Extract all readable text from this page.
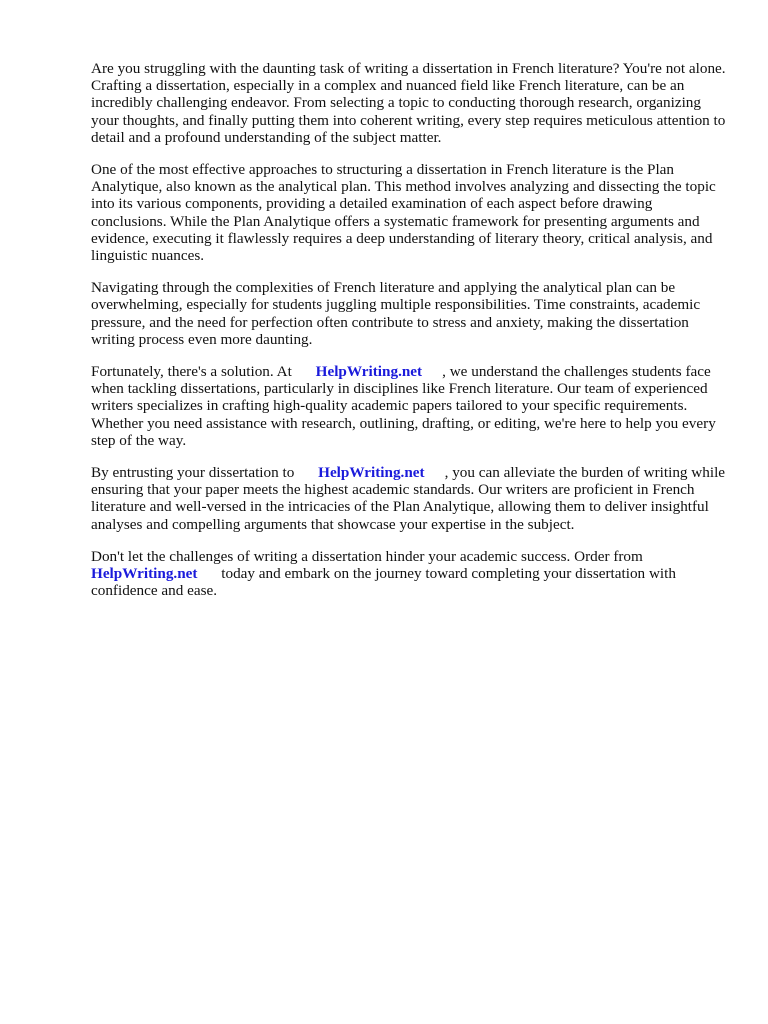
Are you struggling with the daunting task of writing a dissertation in French literature? You're not alone. Crafting a dissertation, especially in a complex and nuanced field like French literature, can be an incredibly challenging endeavor. From selecting a topic to conducting thorough research, organizing your thoughts, and finally putting them into coherent writing, every step requires meticulous attention to detail and a profound understanding of the subject matter.

One of the most effective approaches to structuring a dissertation in French literature is the Plan Analytique, also known as the analytical plan. This method involves analyzing and dissecting the topic into its various components, providing a detailed examination of each aspect before drawing conclusions. While the Plan Analytique offers a systematic framework for presenting arguments and evidence, executing it flawlessly requires a deep understanding of literary theory, critical analysis, and linguistic nuances.

Navigating through the complexities of French literature and applying the analytical plan can be overwhelming, especially for students juggling multiple responsibilities. Time constraints, academic pressure, and the need for perfection often contribute to stress and anxiety, making the dissertation writing process even more daunting.

Fortunately, there's a solution. At HelpWriting.net , we understand the challenges students face when tackling dissertations, particularly in disciplines like French literature. Our team of experienced writers specializes in crafting high-quality academic papers tailored to your specific requirements. Whether you need assistance with research, outlining, drafting, or editing, we're here to help you every step of the way.

By entrusting your dissertation to HelpWriting.net , you can alleviate the burden of writing while ensuring that your paper meets the highest academic standards. Our writers are proficient in French literature and well-versed in the intricacies of the Plan Analytique, allowing them to deliver insightful analyses and compelling arguments that showcase your expertise in the subject.

Don't let the challenges of writing a dissertation hinder your academic success. Order from HelpWriting.net today and embark on the journey toward completing your dissertation with confidence and ease.
